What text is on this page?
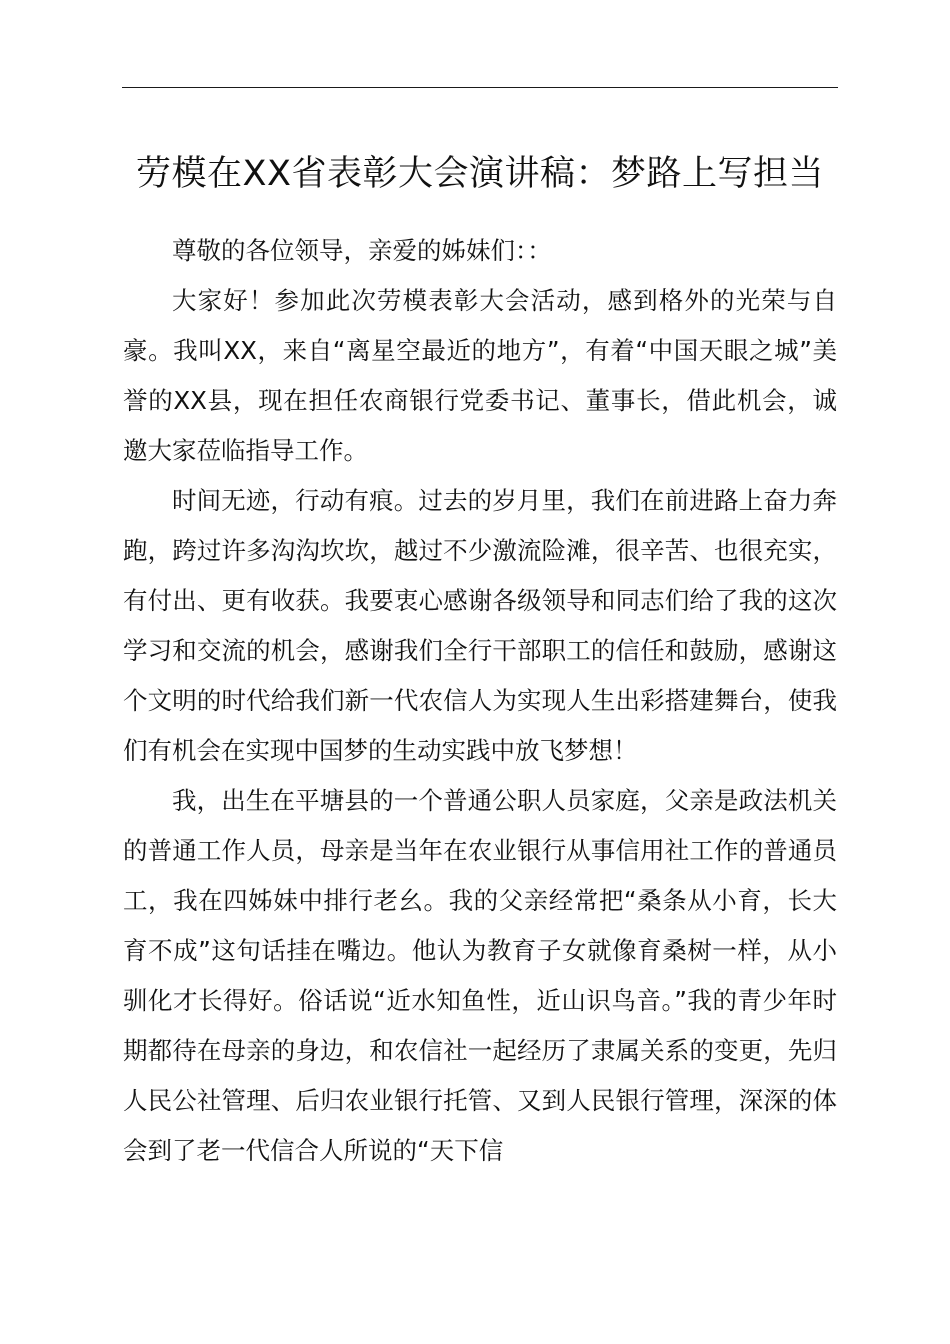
劳模在XX省表彰大会演讲稿：梦路上写担当

尊敬的各位领导，亲爱的姊妹们：：

大家好！参加此次劳模表彰大会活动，感到格外的光荣与自豪。我叫XX，来自“离星空最近的地方”，有着“中国天眼之城”美誉的XX县，现在担任农商银行党委书记、董事长，借此机会，诚邀大家莅临指导工作。

时间无迹，行动有痕。过去的岁月里，我们在前进路上奋力奔跑，跨过许多沟沟坎坎，越过不少激流险滩，很辛苦、也很充实，有付出、更有收获。我要衷心感谢各级领导和同志们给了我的这次学习和交流的机会，感谢我们全行干部职工的信任和鼓励，感谢这个文明的时代给我们新一代农信人为实现人生出彩搭建舞台，使我们有机会在实现中国梦的生动实践中放飞梦想！

我，出生在平塘县的一个普通公职人员家庭，父亲是政法机关的普通工作人员，母亲是当年在农业银行从事信用社工作的普通员工，我在四姊妹中排行老幺。我的父亲经常把“桑条从小育，长大育不成”这句话挂在嘴边。他认为教育子女就像育桑树一样，从小驯化才长得好。俗话说“近水知鱼性，近山识鸟音。”我的青少年时期都待在母亲的身边，和农信社一起经历了隶属关系的变更，先归人民公社管理、后归农业银行托管、又到人民银行管理，深深的体会到了老一代信合人所说的“天下信
